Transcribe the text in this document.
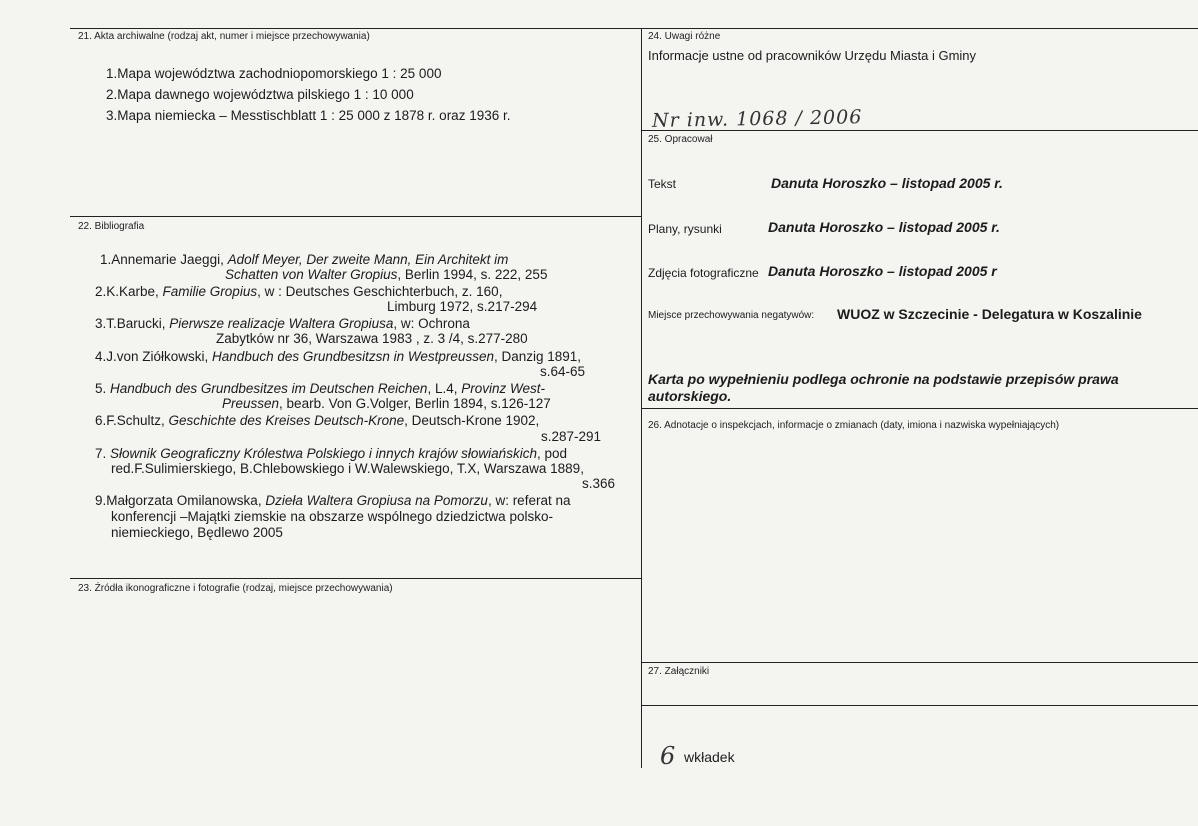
21. Akta archiwalne (rodzaj akt, numer i miejsce przechowywania)
1.Mapa województwa zachodniopomorskiego 1 : 25 000
2.Mapa dawnego województwa pilskiego 1 : 10 000
3.Mapa niemiecka – Messtischblatt 1 : 25 000 z 1878 r. oraz 1936 r.
22. Bibliografia
1.Annemarie Jaeggi, Adolf Meyer, Der zweite Mann, Ein Architekt im
Schatten von Walter Gropius, Berlin 1994, s. 222, 255
2.K.Karbe, Familie Gropius, w : Deutsches Geschichterbuch, z. 160,
Limburg 1972, s.217-294
3.T.Barucki, Pierwsze realizacje Waltera Gropiusa, w: Ochrona
Zabytków nr 36, Warszawa 1983 , z. 3 /4, s.277-280
4.J.von Ziółkowski, Handbuch des Grundbesitzsn in Westpreussen, Danzig 1891,
s.64-65
5. Handbuch des Grundbesitzes im Deutschen Reichen, L.4, Provinz West-
Preussen, bearb. Von G.Volger, Berlin 1894, s.126-127
6.F.Schultz, Geschichte des Kreises Deutsch-Krone, Deutsch-Krone 1902,
s.287-291
7. Słownik Geograficzny Królestwa Polskiego i innych krajów słowiańskich, pod
red.F.Sulimierskiego, B.Chlebowskiego i W.Walewskiego, T.X, Warszawa 1889,
s.366
9.Małgorzata Omilanowska, Dzieła Waltera Gropiusa na Pomorzu, w: referat na
konferencji –Majątki ziemskie na obszarze wspólnego dziedzictwa polsko-
niemieckiego, Będlewo 2005
23. Źródła ikonograficzne i fotografie (rodzaj, miejsce przechowywania)
24. Uwagi różne
Informacje ustne od pracowników Urzędu Miasta i Gminy
Nr inw. 1068 / 2006
25. Opracował
Tekst	Danuta Horoszko – listopad 2005 r.
Plany, rysunki	Danuta Horoszko – listopad 2005 r.
Zdjęcia fotograficzne Danuta Horoszko – listopad 2005 r
Miejsce przechowywania negatywów: WUOZ w Szczecinie - Delegatura w Koszalinie
Karta po wypełnieniu podlega ochronie na podstawie przepisów prawa
autorskiego.
26. Adnotacje o inspekcjach, informacje o zmianach (daty, imiona i nazwiska wypełniających)
27. Załączniki
6 wkładek
